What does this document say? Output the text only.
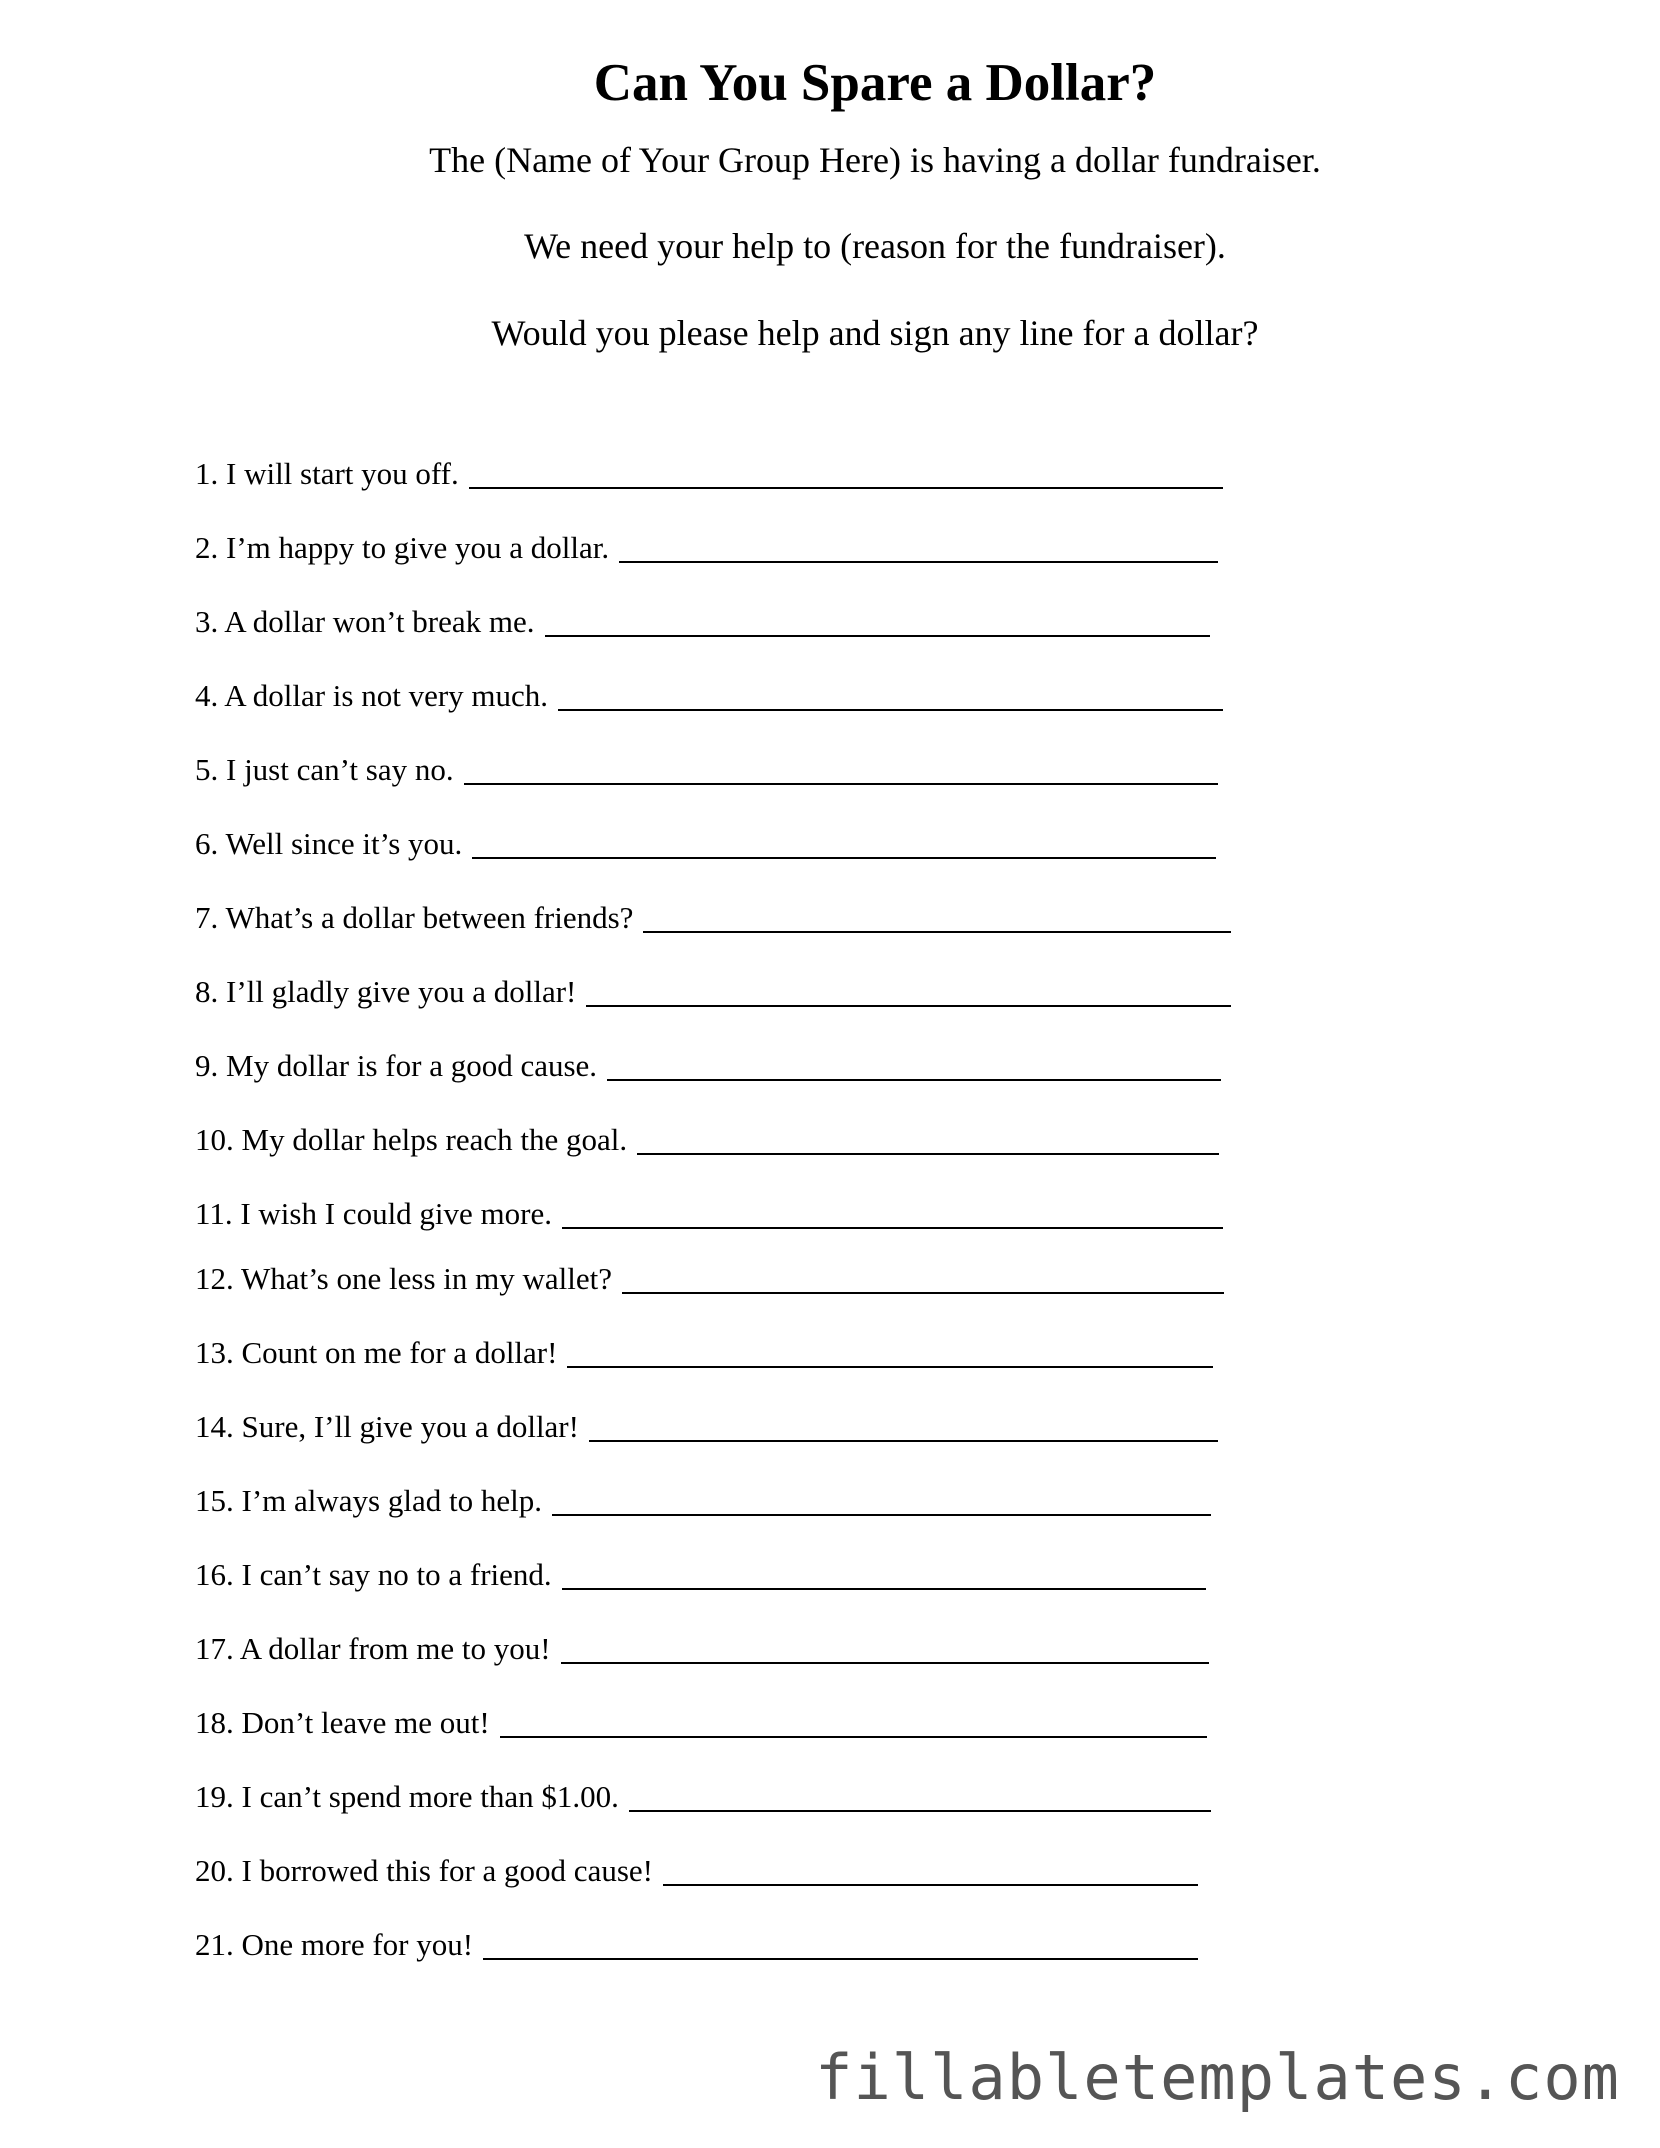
Can You Spare a Dollar?

The (Name of Your Group Here) is having a dollar fundraiser.

We need your help to (reason for the fundraiser).

Would you please help and sign any line for a dollar?

1. I will start you off.
2. I’m happy to give you a dollar.
3. A dollar won’t break me.
4. A dollar is not very much.
5. I just can’t say no.
6. Well since it’s you.
7. What’s a dollar between friends?
8. I’ll gladly give you a dollar!
9. My dollar is for a good cause.
10. My dollar helps reach the goal.
11. I wish I could give more.
12. What’s one less in my wallet?
13. Count on me for a dollar!
14. Sure, I’ll give you a dollar!
15. I’m always glad to help.
16. I can’t say no to a friend.
17. A dollar from me to you!
18. Don’t leave me out!
19. I can’t spend more than $1.00.
20. I borrowed this for a good cause!
21. One more for you!
fillabletemplates.com
